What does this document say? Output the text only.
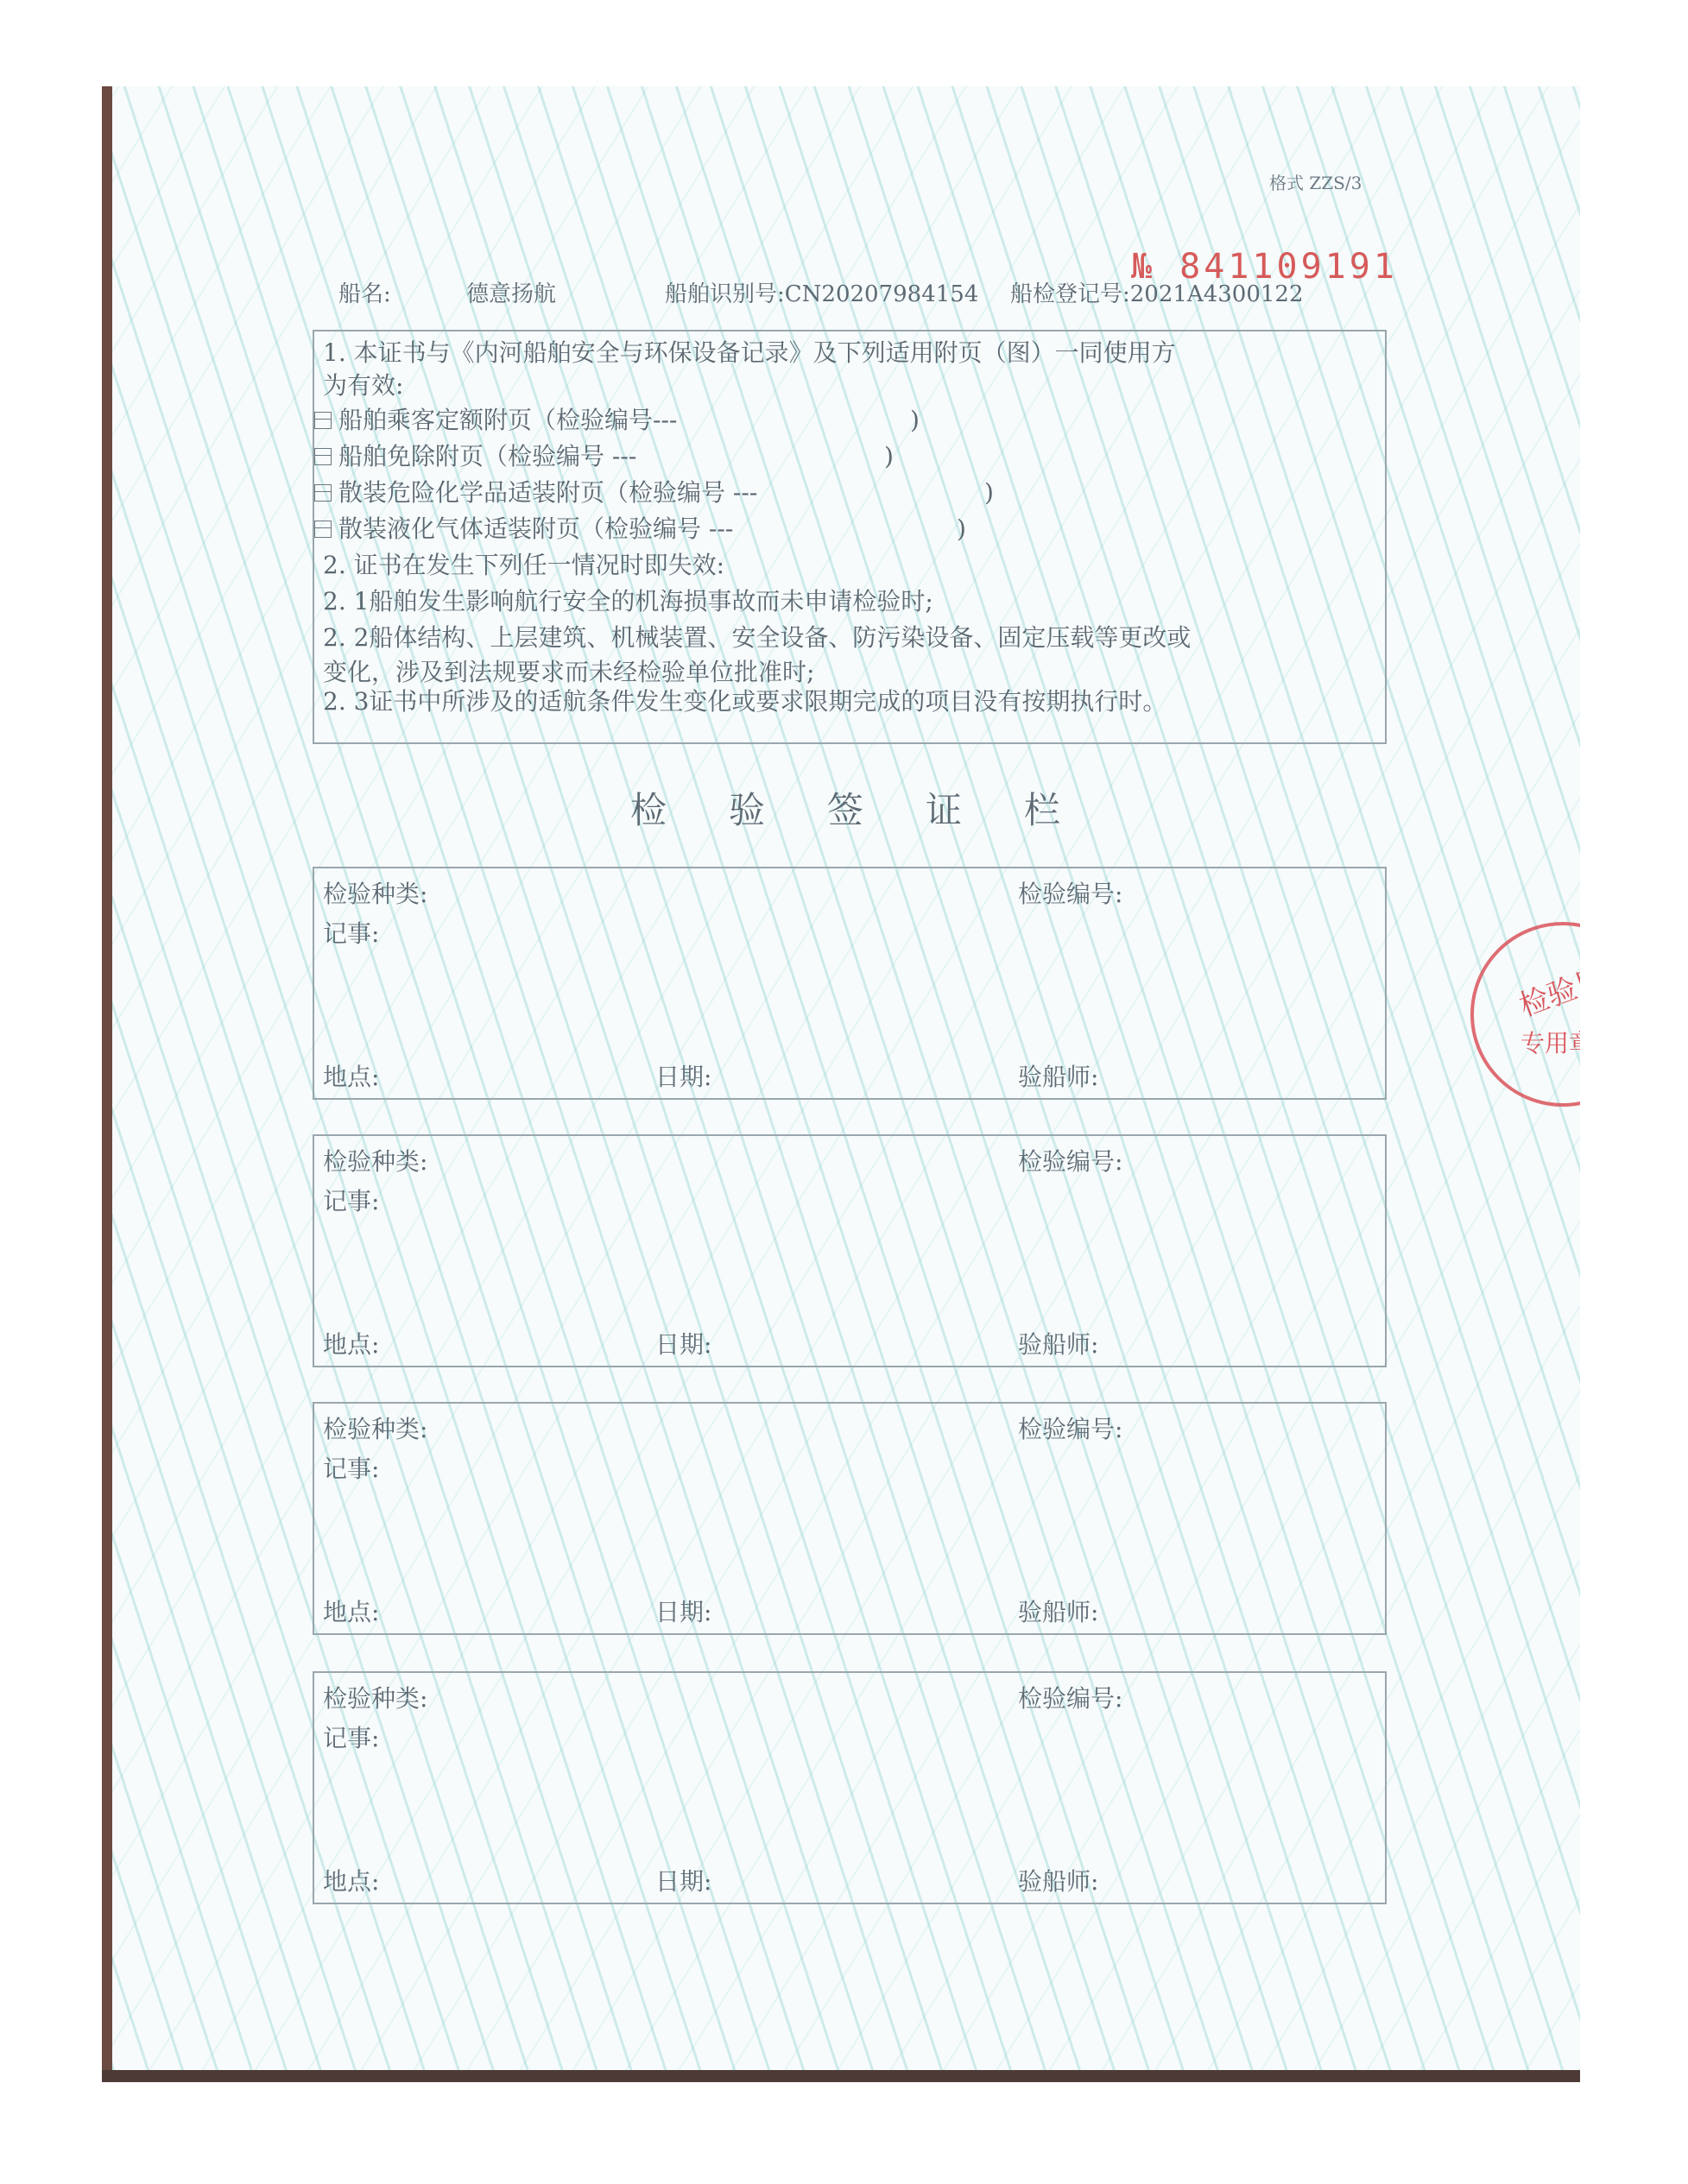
格式 ZZS/3
№ 841109191
船名:	德意扬航	船舶识别号:CN20207984154 船检登记号:2021A4300122
1. 本证书与《内河船舶安全与环保设备记录》及下列适用附页（图）一同使用方
为有效:
船舶乘客定额附页（检验编号---	)
船舶免除附页（检验编号 ---	)
散装危险化学品适装附页（检验编号 ---	)
散装液化气体适装附页（检验编号 ---	)
2. 证书在发生下列任一情况时即失效:
2. 1船舶发生影响航行安全的机海损事故而未申请检验时;
2. 2船体结构、上层建筑、机械装置、安全设备、防污染设备、固定压载等更改或
变化，涉及到法规要求而未经检验单位批准时;
2. 3证书中所涉及的适航条件发生变化或要求限期完成的项目没有按期执行时。
检验签证栏
检验种类:	检验编号:
记事:
地点:	日期:	验船师:
检验种类:	检验编号:
记事:
地点:	日期:	验船师:
检验种类:	检验编号:
记事:
地点:	日期:	验船师:
检验种类:	检验编号:
记事:
地点:	日期:	验船师:
检验局
专用章
